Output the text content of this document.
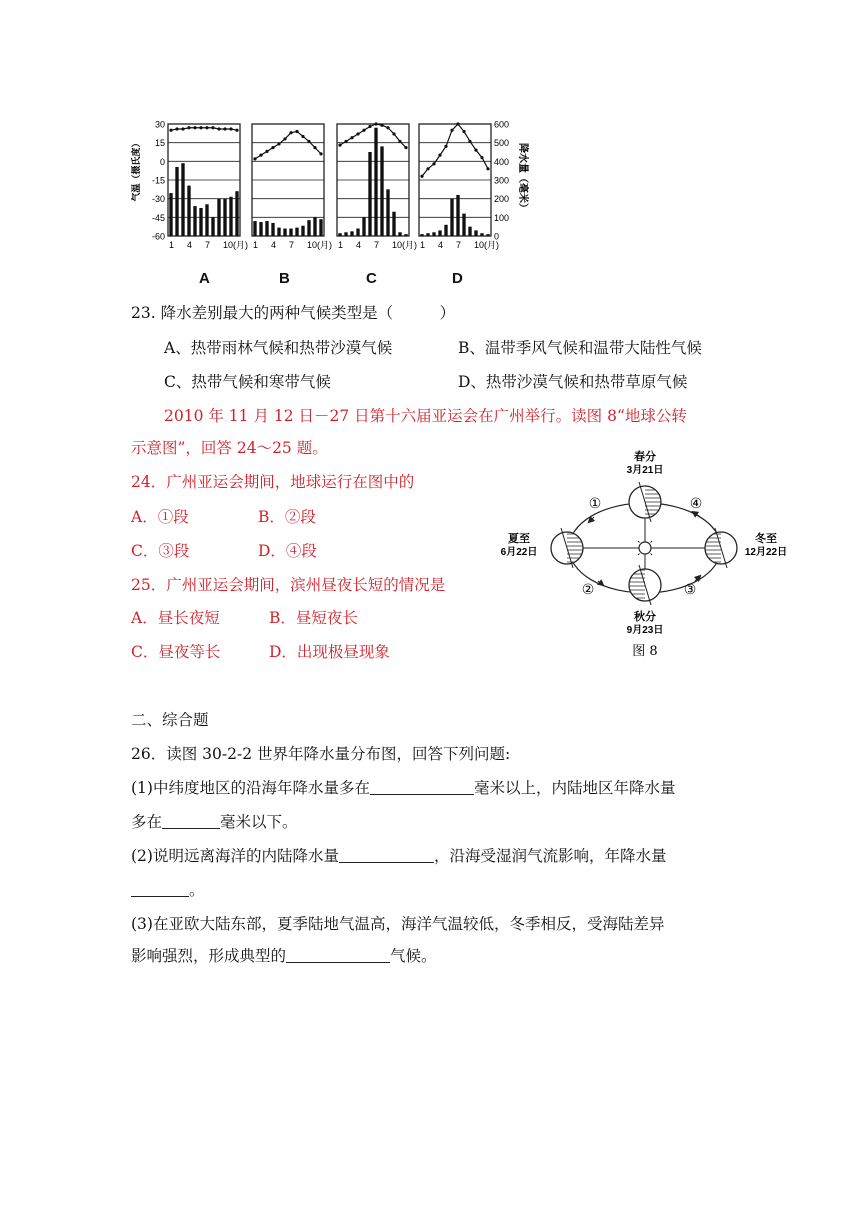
气温（摄氏度）	降水量（毫米）
30
15
0
-15
-30
-45
-60
600
500
400
300
200
100
0
1 4 7 10(月) 1 4 7 10(月) 1 4 7 10(月) 1 4 7 10(月)
A	B	C	D
23. 降水差别最大的两种气候类型是（　　　）
A、热带雨林气候和热带沙漠气候	B、温带季风气候和温带大陆性气候
C、热带气候和寒带气候	D、热带沙漠气候和热带草原气候
2010 年 11 月 12 日－27 日第十六届亚运会在广州举行。读图 8“地球公转
示意图”，回答 24～25 题。
24．广州亚运会期间，地球运行在图中的
A．①段	B．②段
C．③段	D．④段
25．广州亚运会期间，滨州昼夜长短的情况是
A．昼长夜短	B．昼短夜长
C．昼夜等长	D．出现极昼现象
春分
3月21日
夏至
6月22日
冬至
12月22日
秋分
9月23日
①	④
②	③
图 8
二、综合题
26．读图 30-2-2 世界年降水量分布图，回答下列问题:
(1)中纬度地区的沿海年降水量多在	毫米以上，内陆地区年降水量
多在	毫米以下。
(2)说明远离海洋的内陆降水量	，沿海受湿润气流影响，年降水量
。
(3)在亚欧大陆东部，夏季陆地气温高，海洋气温较低，冬季相反，受海陆差异
影响强烈，形成典型的	气候。
